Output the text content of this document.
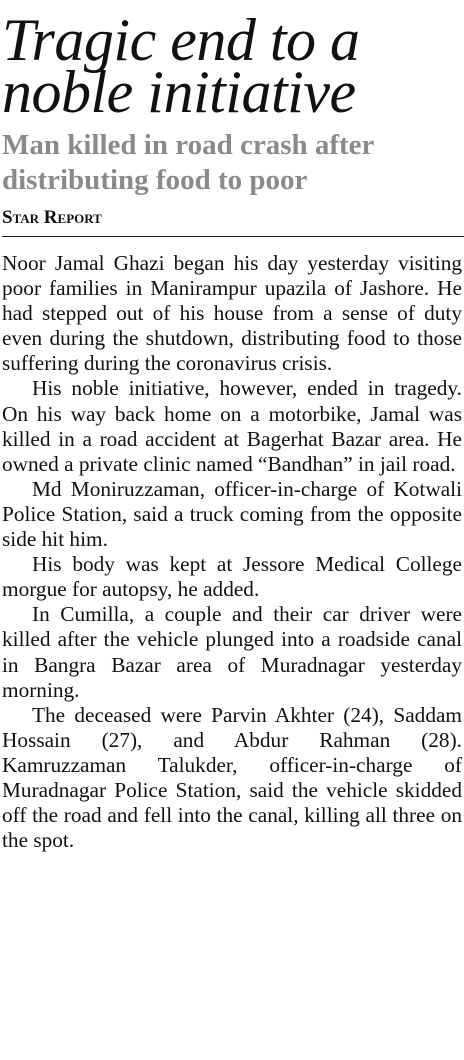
Tragic end to a
noble initiative
Man killed in road crash after
distributing food to poor
Star Report

Noor Jamal Ghazi began his day yesterday visiting poor families in Manirampur upazila of Jashore. He had stepped out of his house from a sense of duty even during the shutdown, distributing food to those suffering during the coronavirus crisis.

His noble initiative, however, ended in tragedy. On his way back home on a motorbike, Jamal was killed in a road accident at Bagerhat Bazar area. He owned a private clinic named “Bandhan” in jail road.

Md Moniruzzaman, officer-in-charge of Kotwali Police Station, said a truck coming from the opposite side hit him.

His body was kept at Jessore Medical College morgue for autopsy, he added.

In Cumilla, a couple and their car driver were killed after the vehicle plunged into a roadside canal in Bangra Bazar area of Muradnagar yesterday morning.

The deceased were Parvin Akhter (24), Saddam Hossain (27), and Abdur Rahman (28). Kamruzzaman Talukder, officer-in-charge of Muradnagar Police Station, said the vehicle skidded off the road and fell into the canal, killing all three on the spot.
